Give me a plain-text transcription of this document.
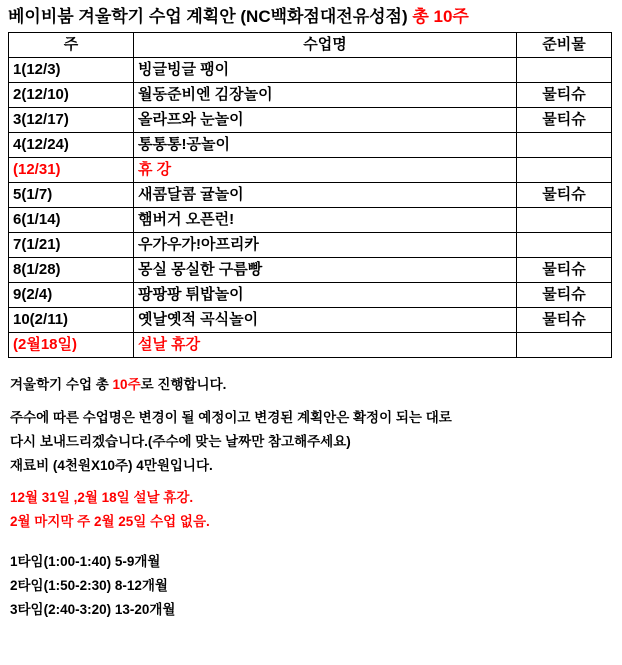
베이비붐 겨울학기 수업 계획안 (NC백화점대전유성점) 총 10주
주	수업명	준비물
1(12/3)	빙글빙글 팽이	
2(12/10)	월동준비엔 김장놀이	물티슈
3(12/17)	올라프와 눈놀이	물티슈
4(12/24)	통통통!공놀이	
(12/31)	휴 강	
5(1/7)	새콤달콤 귤놀이	물티슈
6(1/14)	햄버거 오픈런!	
7(1/21)	우가우가!아프리카	
8(1/28)	몽실 몽실한 구름빵	물티슈
9(2/4)	팡팡팡 튀밥놀이	물티슈
10(2/11)	옛날옛적 곡식놀이	물티슈
(2월18일)	설날 휴강	
겨울학기 수업 총 10주로 진행합니다.
주수에 따른 수업명은 변경이 될 예정이고 변경된 계획안은 확정이 되는 대로
다시 보내드리겠습니다.(주수에 맞는 날짜만 참고해주세요)
재료비 (4천원X10주) 4만원입니다.
12월 31일 ,2월 18일 설날 휴강.
2월 마지막 주 2월 25일 수업 없음.
1타임(1:00-1:40) 5-9개월
2타임(1:50-2:30) 8-12개월
3타임(2:40-3:20) 13-20개월
